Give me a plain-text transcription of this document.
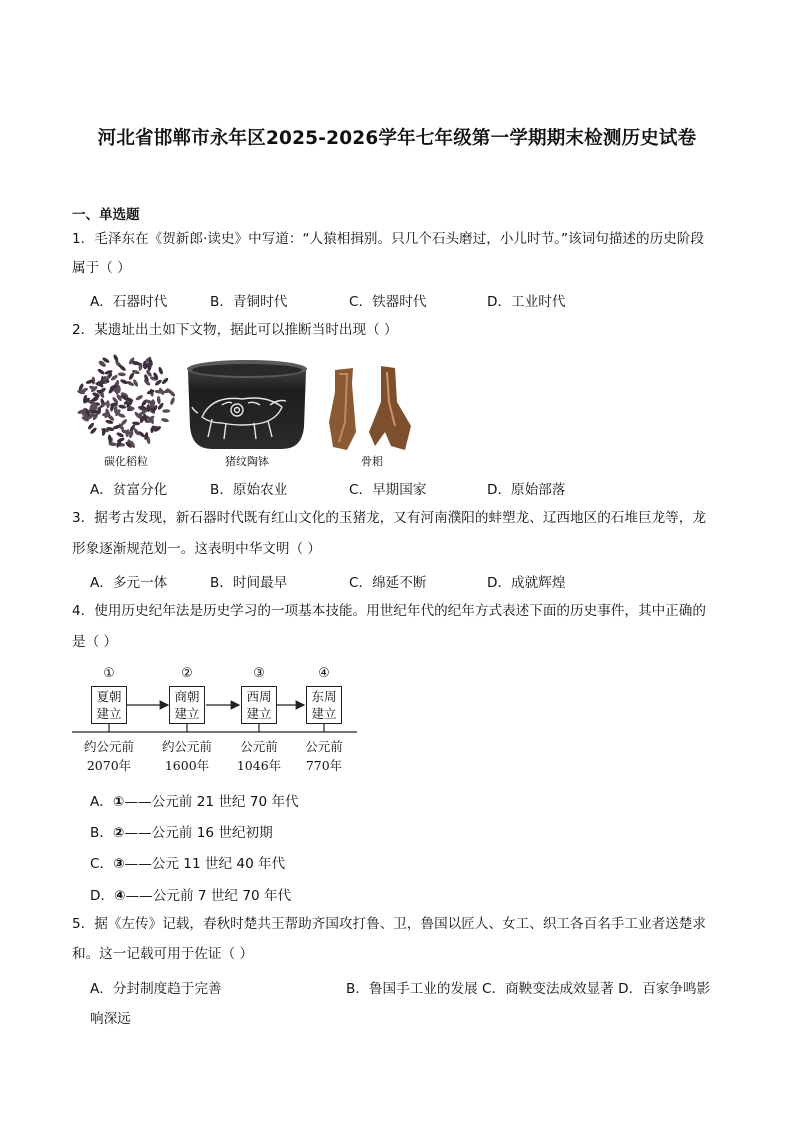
河北省邯郸市永年区2025-2026学年七年级第一学期期末检测历史试卷
一、单选题
1．毛泽东在《贺新郎·读史》中写道：“人猿相揖别。只几个石头磨过，小儿时节。”该词句描述的历史阶段
属于（ ）
A．石器时代	B．青铜时代	C．铁器时代	D．工业时代
2．某遗址出土如下文物，据此可以推断当时出现（ ）
碳化稻粒	猪纹陶钵	骨耜
A．贫富分化	B．原始农业	C．早期国家	D．原始部落
3．据考古发现，新石器时代既有红山文化的玉猪龙，又有河南濮阳的蚌塑龙、辽西地区的石堆巨龙等，龙
形象逐渐规范划一。这表明中华文明（ ）
A．多元一体	B．时间最早	C．绵延不断	D．成就辉煌
4．使用历史纪年法是历史学习的一项基本技能。用世纪年代的纪年方式表述下面的历史事件，其中正确的
是（ ）
①	②	③	④
夏朝
建立
商朝
建立
西周
建立
东周
建立
约公元前
2070年
约公元前
1600年
公元前
1046年
公元前
770年
A．①——公元前 21 世纪 70 年代
B．②——公元前 16 世纪初期
C．③——公元 11 世纪 40 年代
D．④——公元前 7 世纪 70 年代
5．据《左传》记载，春秋时楚共王帮助齐国攻打鲁、卫，鲁国以匠人、女工、织工各百名手工业者送楚求
和。这一记载可用于佐证（ ）
A．分封制度趋于完善	B．鲁国手工业的发展 C．商鞅变法成效显著 D．百家争鸣影
响深远
